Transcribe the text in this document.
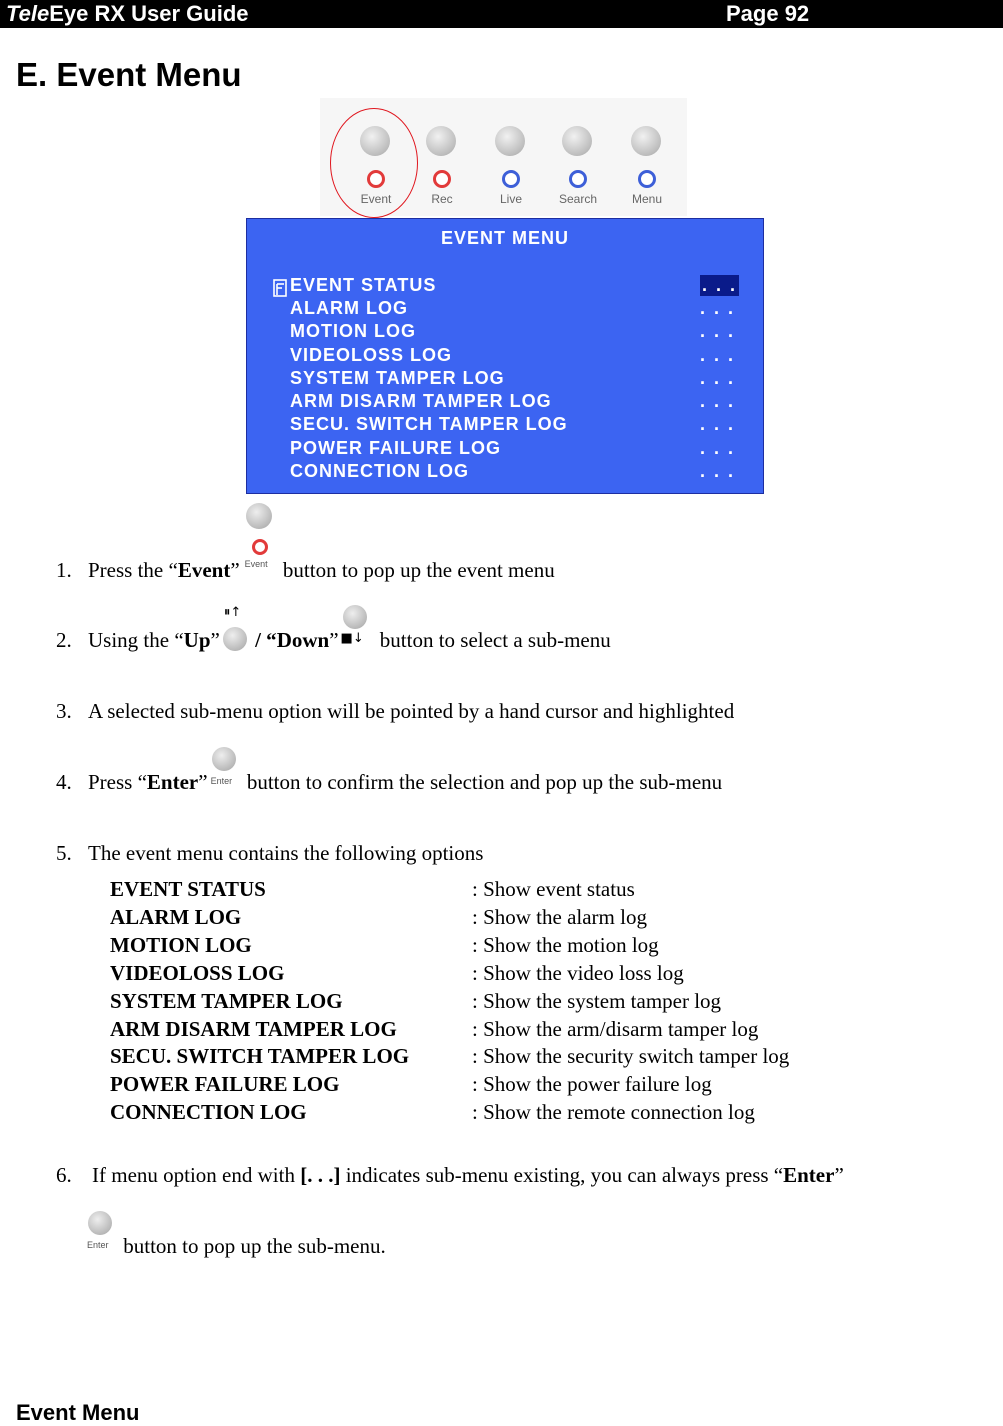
TeleEye RX User Guide	Page 92
E. Event Menu
Event	Rec	Live	Search	Menu
EVENT MENU
EVENT STATUS	. . .
ALARM LOG	. . .
MOTION LOG	. . .
VIDEOLOSS LOG	. . .
SYSTEM TAMPER LOG	. . .
ARM DISARM TAMPER LOG	. . .
SECU. SWITCH TAMPER LOG	. . .
POWER FAILURE LOG	. . .
CONNECTION LOG	. . .
1. Press the “Event” Event button to pop up the event menu
2. Using the “Up”
⏸↑
/ “Down” ■↓ button to select a sub-menu
3. A selected sub-menu option will be pointed by a hand cursor and highlighted
4. Press “Enter” Enter button to confirm the selection and pop up the sub-menu
5. The event menu contains the following options
EVENT STATUS	: Show event status
ALARM LOG	: Show the alarm log
MOTION LOG	: Show the motion log
VIDEOLOSS LOG	: Show the video loss log
SYSTEM TAMPER LOG	: Show the system tamper log
ARM DISARM TAMPER LOG	: Show the arm/disarm tamper log
SECU. SWITCH TAMPER LOG	: Show the security switch tamper log
POWER FAILURE LOG	: Show the power failure log
CONNECTION LOG	: Show the remote connection log
6. If menu option end with [. . .] indicates sub-menu existing, you can always press “Enter”
Enter button to pop up the sub-menu.
Event Menu
